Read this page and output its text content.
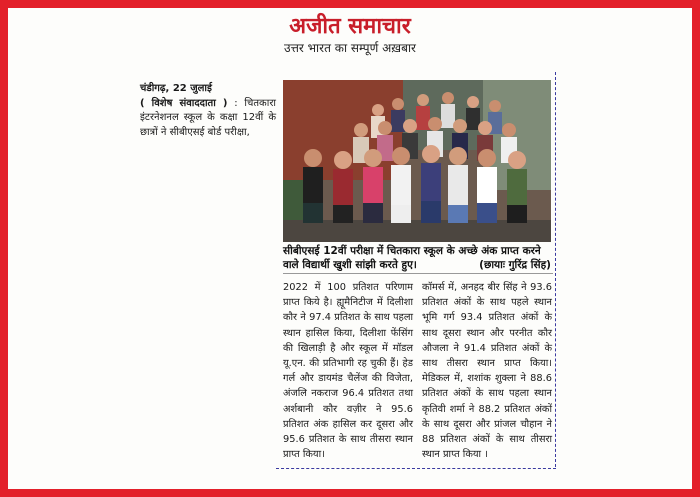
अजीत समाचार
उत्तर भारत का सम्पूर्ण अख़बार
चंडीगढ़, 22 जुलाई
( विशेष संवाददाता ) : चितकारा इंटरनेशनल स्कूल के कक्षा 12वीं के छात्रों ने सीबीएसई बोर्ड परीक्षा,
सीबीएसई 12वीं परीक्षा में चितकारा स्कूल के अच्छे अंक प्राप्त करने वाले विद्यार्थी खुशी सांझी करते हुए।	(छायाः गुरिंद्र सिंह)
2022 में 100 प्रतिशत परिणाम प्राप्त किये है। ह्यूमैनिटीज में दिलीशा कौर ने 97.4 प्रतिशत के साथ पहला स्थान हासिल किया, दिलीशा फेंसिंग की खिलाड़ी है और स्कूल में मॉडल यू.एन. की प्रतिभागी रह चुकी हैं। हेड गर्ल और डायमंड चैलेंज की विजेता, अंजलि नकराज 96.4 प्रतिशत तथा अर्शबानी कौर वज़ीर ने 95.6 प्रतिशत अंक हासिल कर दूसरा और 95.6 प्रतिशत के साथ तीसरा स्थान प्राप्त किया।
कॉमर्स में, अनहद बीर सिंह ने 93.6 प्रतिशत अंकों के साथ पहले स्थान भूमि गर्ग 93.4 प्रतिशत अंकों के साथ दूसरा स्थान और परनीत कौर औजला ने 91.4 प्रतिशत अंकों के साथ तीसरा स्थान प्राप्त किया। मेडिकल में, शशांक शुक्ला ने 88.6 प्रतिशत अंकों के साथ पहला स्थान कृतिवी शर्मा ने 88.2 प्रतिशत अंकों के साथ दूसरा और प्रांजल चौहान ने 88 प्रतिशत अंकों के साथ तीसरा स्थान प्राप्त किया ।
